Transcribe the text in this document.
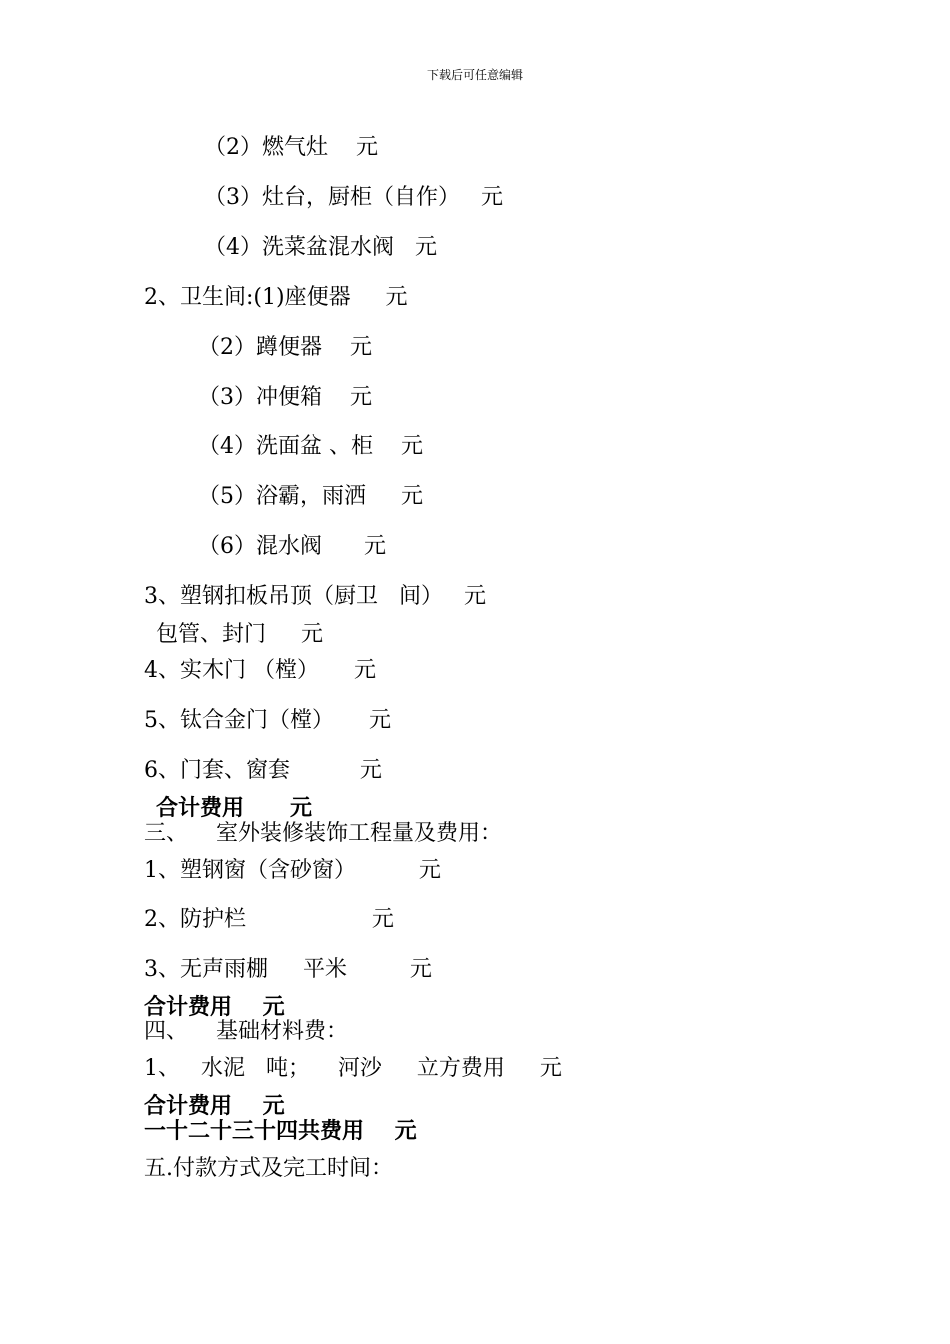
下载后可任意编辑
（2）燃气灶    元
（3）灶台，厨柜（自作）   元
（4）洗菜盆混水阀   元
2、卫生间:(1)座便器     元
（2）蹲便器    元
（3）冲便箱    元
（4）洗面盆 、柜    元
（5）浴霸，雨洒     元
（6）混水阀      元
3、塑钢扣板吊顶（厨卫   间）   元
包管、封门     元
4、实木门 （樘）     元
5、钛合金门（樘）     元
6、门套、窗套          元
合计费用      元
三、    室外装修装饰工程量及费用：
1、塑钢窗（含砂窗）         元
2、防护栏                  元
3、无声雨棚     平米         元
合计费用    元
四、    基础材料费：
1、   水泥   吨；    河沙     立方费用     元
合计费用    元
一十二十三十四共费用    元
五.付款方式及完工时间：
